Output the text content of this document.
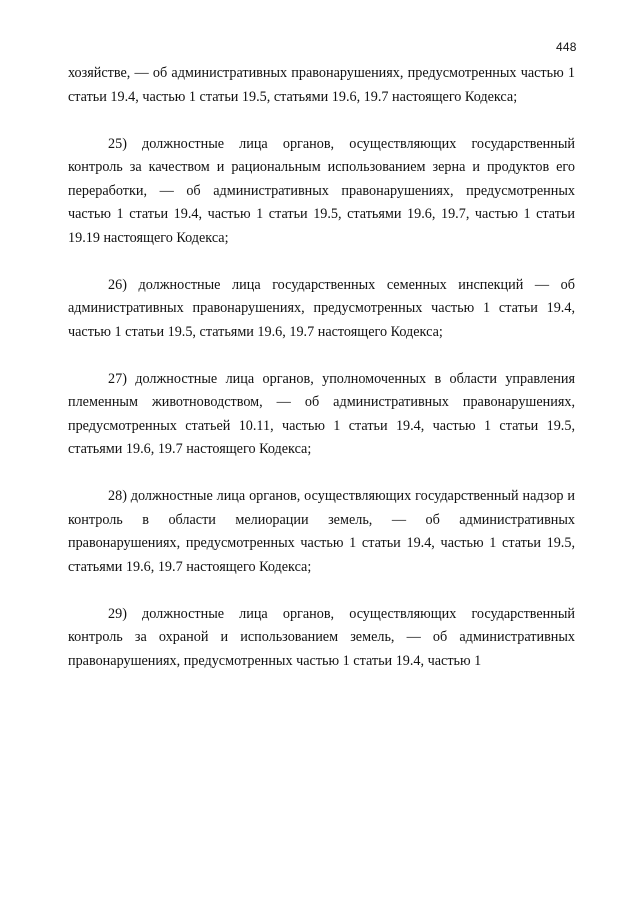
448

хозяйстве, — об административных правонарушениях, предусмотренных частью 1 статьи 19.4, частью 1 статьи 19.5, статьями 19.6, 19.7 настоящего Кодекса;

25) должностные лица органов, осуществляющих государственный контроль за качеством и рациональным использованием зерна и продуктов его переработки, — об административных правонарушениях, предусмотренных частью 1 статьи 19.4, частью 1 статьи 19.5, статьями 19.6, 19.7, частью 1 статьи 19.19 настоящего Кодекса;

26) должностные лица государственных семенных инспекций — об административных правонарушениях, предусмотренных частью 1 статьи 19.4, частью 1 статьи 19.5, статьями 19.6, 19.7 настоящего Кодекса;

27) должностные лица органов, уполномоченных в области управления племенным животноводством, — об административных правонарушениях, предусмотренных статьей 10.11, частью 1 статьи 19.4, частью 1 статьи 19.5, статьями 19.6, 19.7 настоящего Кодекса;

28) должностные лица органов, осуществляющих государственный надзор и контроль в области мелиорации земель, — об административных правонарушениях, предусмотренных частью 1 статьи 19.4, частью 1 статьи 19.5, статьями 19.6, 19.7 настоящего Кодекса;

29) должностные лица органов, осуществляющих государственный контроль за охраной и использованием земель, — об административных правонарушениях, предусмотренных частью 1 статьи 19.4, частью 1
